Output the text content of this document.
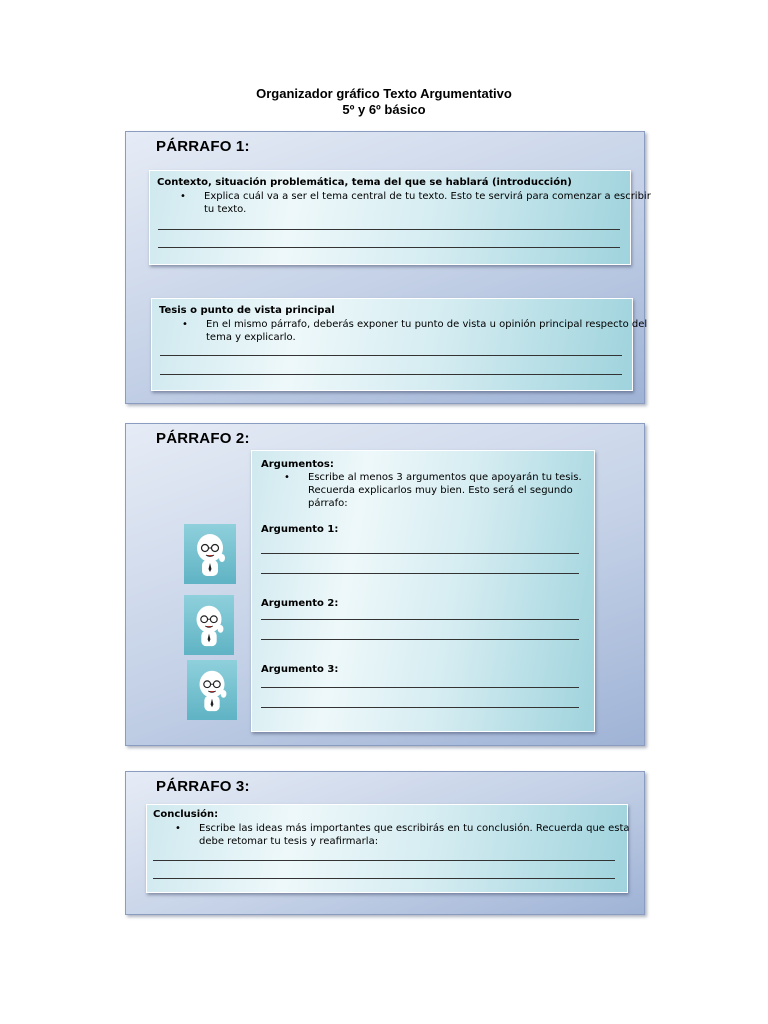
Organizador gráfico Texto Argumentativo
5º y 6º básico
PÁRRAFO 1:
Contexto, situación problemática, tema del que se hablará (introducción)
• Explica cuál va a ser el tema central de tu texto. Esto te servirá para comenzar a escribir
tu texto.
Tesis o punto de vista principal
• En el mismo párrafo, deberás exponer tu punto de vista u opinión principal respecto del
tema y explicarlo.
PÁRRAFO 2:
Argumentos:
• Escribe al menos 3 argumentos que apoyarán tu tesis.
Recuerda explicarlos muy bien. Esto será el segundo
párrafo:
Argumento 1:
Argumento 2:
Argumento 3:
PÁRRAFO 3:
Conclusión:
• Escribe las ideas más importantes que escribirás en tu conclusión. Recuerda que esta
debe retomar tu tesis y reafirmarla:
